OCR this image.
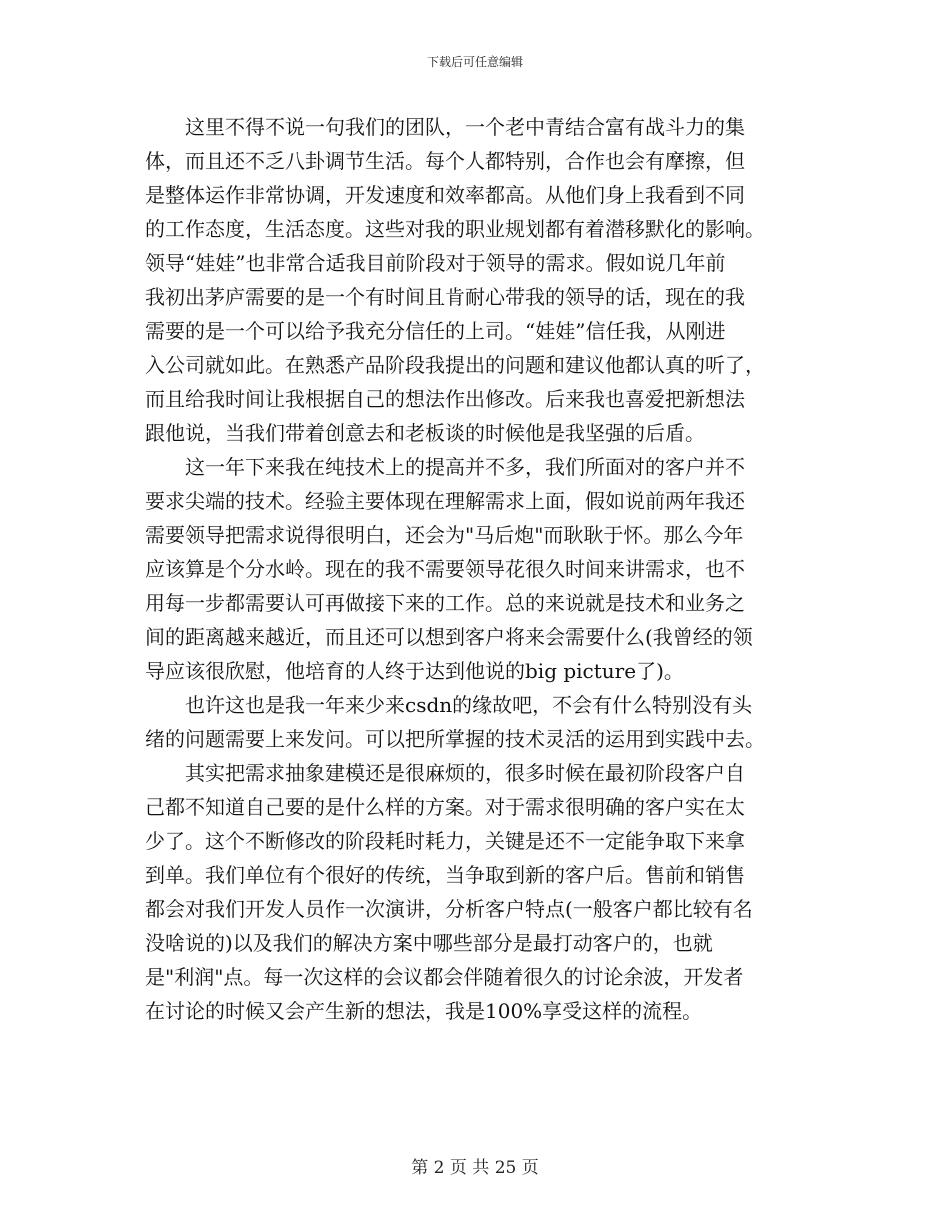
下载后可任意编辑
　　这里不得不说一句我们的团队，一个老中青结合富有战斗力的集
体，而且还不乏八卦调节生活。每个人都特别，合作也会有摩擦，但
是整体运作非常协调，开发速度和效率都高。从他们身上我看到不同
的工作态度，生活态度。这些对我的职业规划都有着潜移默化的影响。
领导“娃娃”也非常合适我目前阶段对于领导的需求。假如说几年前
我初出茅庐需要的是一个有时间且肯耐心带我的领导的话，现在的我
需要的是一个可以给予我充分信任的上司。“娃娃”信任我，从刚进
入公司就如此。在熟悉产品阶段我提出的问题和建议他都认真的听了，
而且给我时间让我根据自己的想法作出修改。后来我也喜爱把新想法
跟他说，当我们带着创意去和老板谈的时候他是我坚强的后盾。
　　这一年下来我在纯技术上的提高并不多，我们所面对的客户并不
要求尖端的技术。经验主要体现在理解需求上面，假如说前两年我还
需要领导把需求说得很明白，还会为"马后炮"而耿耿于怀。那么今年
应该算是个分水岭。现在的我不需要领导花很久时间来讲需求，也不
用每一步都需要认可再做接下来的工作。总的来说就是技术和业务之
间的距离越来越近，而且还可以想到客户将来会需要什么(我曾经的领
导应该很欣慰，他培育的人终于达到他说的big picture了)。
　　也许这也是我一年来少来csdn的缘故吧，不会有什么特别没有头
绪的问题需要上来发问。可以把所掌握的技术灵活的运用到实践中去。
　　其实把需求抽象建模还是很麻烦的，很多时候在最初阶段客户自
己都不知道自己要的是什么样的方案。对于需求很明确的客户实在太
少了。这个不断修改的阶段耗时耗力，关键是还不一定能争取下来拿
到单。我们单位有个很好的传统，当争取到新的客户后。售前和销售
都会对我们开发人员作一次演讲，分析客户特点(一般客户都比较有名
没啥说的)以及我们的解决方案中哪些部分是最打动客户的，也就
是"利润"点。每一次这样的会议都会伴随着很久的讨论余波，开发者
在讨论的时候又会产生新的想法，我是100%享受这样的流程。
第 2 页 共 25 页
